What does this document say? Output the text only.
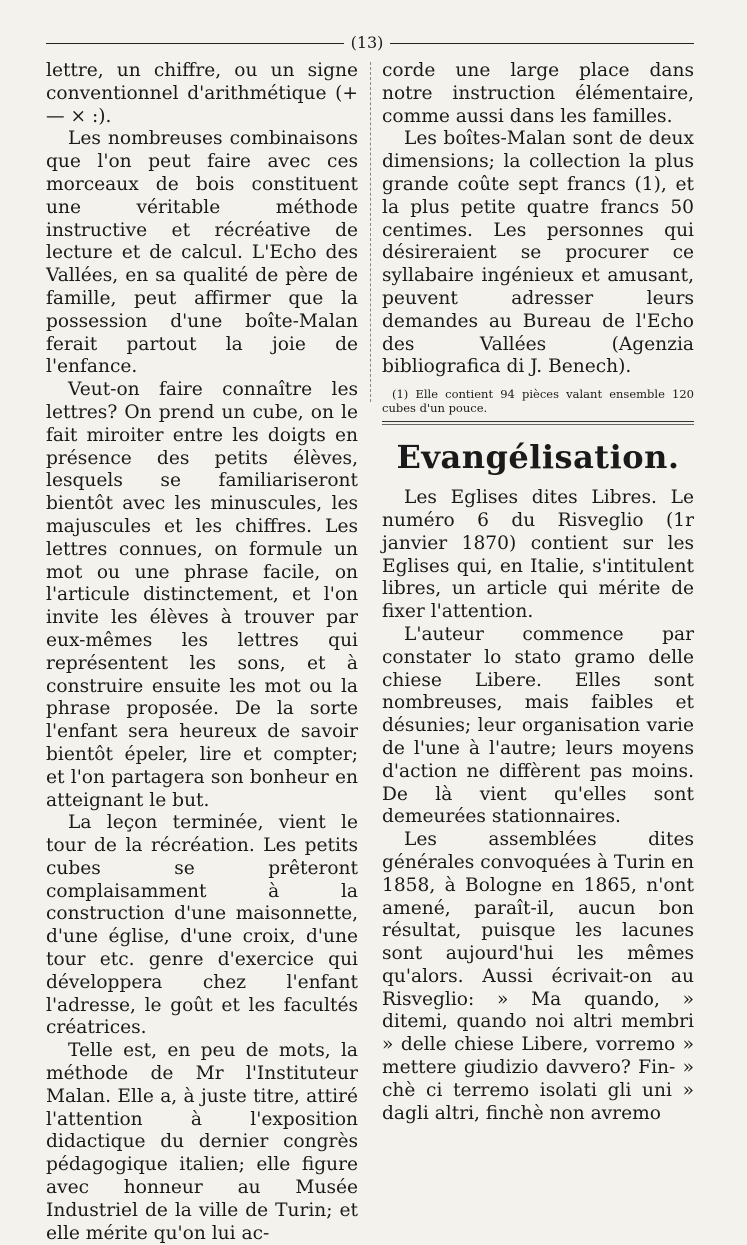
(13)

lettre, un chiffre, ou un signe conventionnel d'arithmétique (+ — × :).

Les nombreuses combinaisons que l'on peut faire avec ces morceaux de bois constituent une véritable méthode instructive et récréative de lecture et de calcul. L'Echo des Vallées, en sa qualité de père de famille, peut affirmer que la possession d'une boîte-Malan ferait partout la joie de l'enfance.

Veut-on faire connaître les lettres? On prend un cube, on le fait miroiter entre les doigts en présence des petits élèves, lesquels se familiariseront bientôt avec les minuscules, les majuscules et les chiffres. Les lettres connues, on formule un mot ou une phrase facile, on l'articule distinctement, et l'on invite les élèves à trouver par eux-mêmes les lettres qui représentent les sons, et à construire ensuite les mot ou la phrase proposée. De la sorte l'enfant sera heureux de savoir bientôt épeler, lire et compter; et l'on partagera son bonheur en atteignant le but.

La leçon terminée, vient le tour de la récréation. Les petits cubes se prêteront complaisamment à la construction d'une maisonnette, d'une église, d'une croix, d'une tour etc. genre d'exercice qui développera chez l'enfant l'adresse, le goût et les facultés créatrices.

Telle est, en peu de mots, la méthode de Mr l'Instituteur Malan. Elle a, à juste titre, attiré l'attention à l'exposition didactique du dernier congrès pédagogique italien; elle figure avec honneur au Musée Industriel de la ville de Turin; et elle mérite qu'on lui ac-

corde une large place dans notre instruction élémentaire, comme aussi dans les familles.

Les boîtes-Malan sont de deux dimensions; la collection la plus grande coûte sept francs (1), et la plus petite quatre francs 50 centimes. Les personnes qui désireraient se procurer ce syllabaire ingénieux et amusant, peuvent adresser leurs demandes au Bureau de l'Echo des Vallées (Agenzia bibliografica di J. Benech).

(1) Elle contient 94 pièces valant ensemble 120 cubes d'un pouce.

Evangélisation.

Les Eglises dites Libres. Le numéro 6 du Risveglio (1r janvier 1870) contient sur les Eglises qui, en Italie, s'intitulent libres, un article qui mérite de fixer l'attention.

L'auteur commence par constater lo stato gramo delle chiese Libere. Elles sont nombreuses, mais faibles et désunies; leur organisation varie de l'une à l'autre; leurs moyens d'action ne diffèrent pas moins. De là vient qu'elles sont demeurées stationnaires.

Les assemblées dites générales convoquées à Turin en 1858, à Bologne en 1865, n'ont amené, paraît-il, aucun bon résultat, puisque les lacunes sont aujourd'hui les mêmes qu'alors. Aussi écrivait-on au Risveglio: » Ma quando, » ditemi, quando noi altri membri » delle chiese Libere, vorremo » mettere giudizio davvero? Fin- » chè ci terremo isolati gli uni » dagli altri, finchè non avremo
